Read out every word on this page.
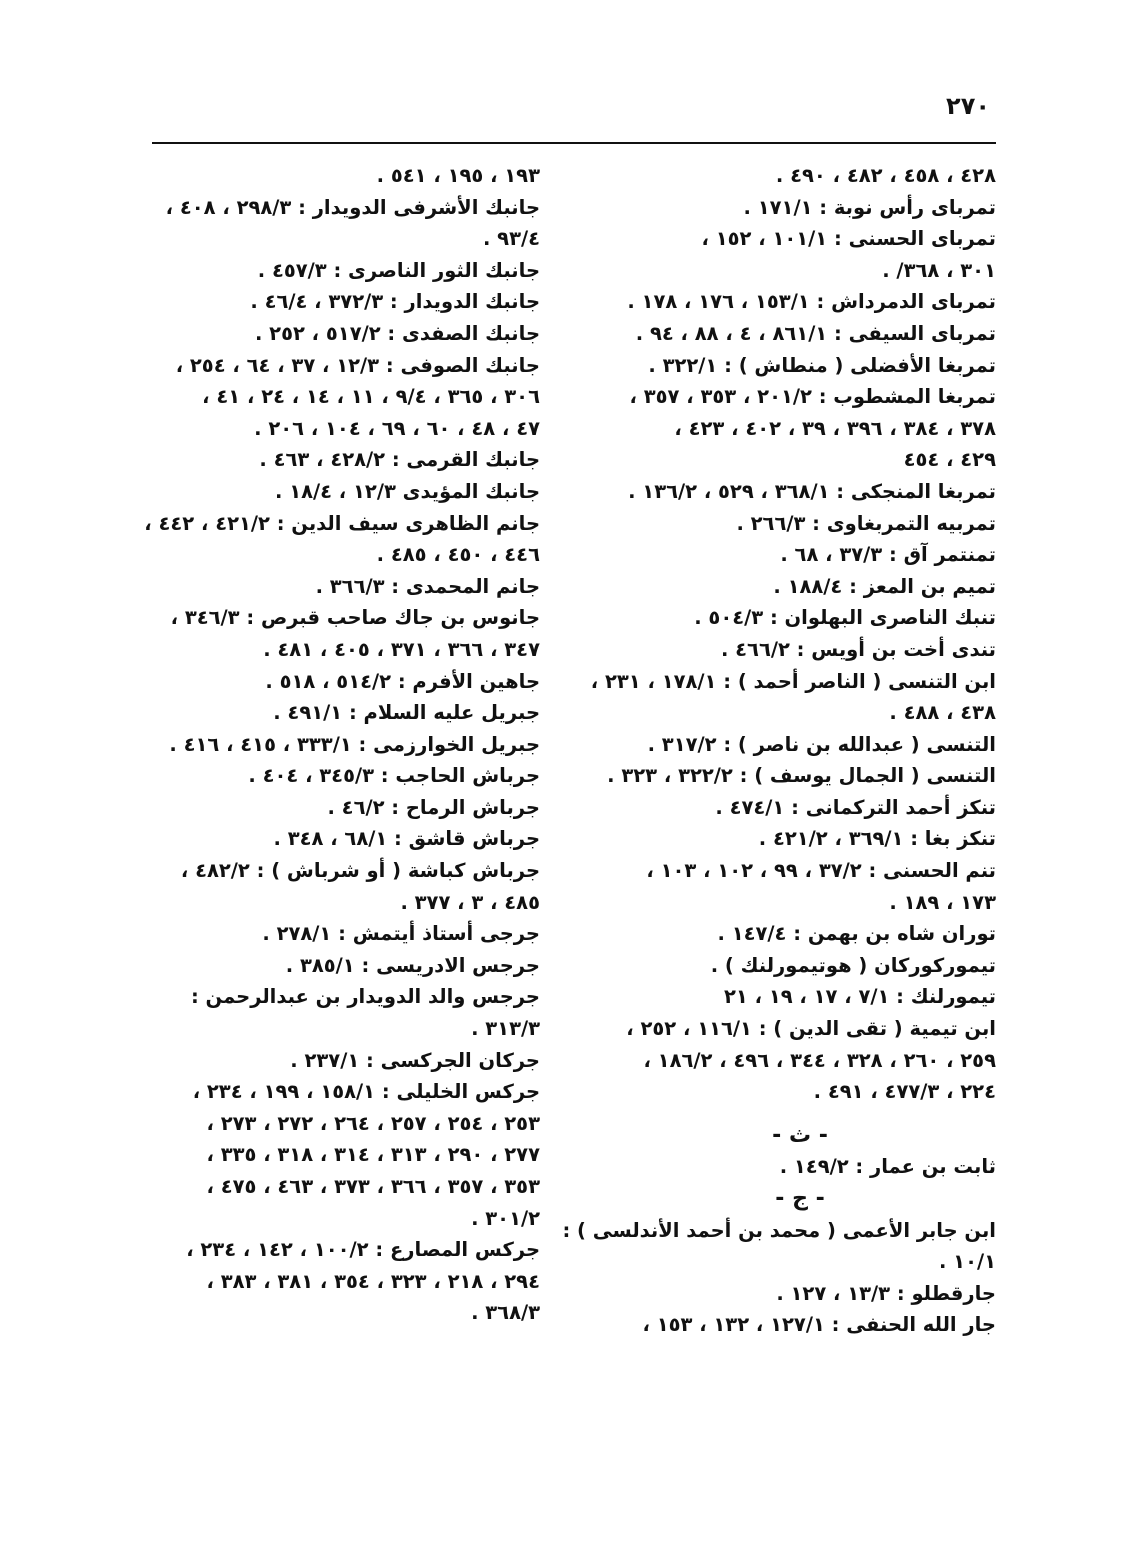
٢٧٠

٤٢٨ ، ٤٥٨ ، ٤٨٢ ، ٤٩٠ .

تمربای رأس نوبة : ١٧١/١ .

تمربای الحسنى : ١٠١/١ ، ١٥٢ ،

٣٠١ ، ٣٦٨/ .

تمربای الدمرداش : ١٥٣/١ ، ١٧٦ ، ١٧٨ .

تمربای السیفی : ٨٦١/١ ، ٤ ، ٨٨ ، ٩٤ .

تمربغا الأفضلی ( منطاش ) : ٣٢٢/١ .

تمربغا المشطوب : ٢٠١/٢ ، ٣٥٣ ، ٣٥٧ ،

٣٧٨ ، ٣٨٤ ، ٣٩٦ ، ٣٩ ، ٤٠٢ ، ٤٢٣ ،

٤٢٩ ، ٤٥٤

تمربغا المنجكی : ٣٦٨/١ ، ٥٢٩ ، ١٣٦/٢ .

تمربیه التمربغاوی : ٢٦٦/٣ .

تمنتمر آق : ٣٧/٣ ، ٦٨ .

تمیم بن المعز : ١٨٨/٤ .

تنبك الناصری البهلوان : ٥٠٤/٣ .

تندی أخت بن أویس : ٤٦٦/٢ .

ابن التنسی ( الناصر أحمد ) : ١٧٨/١ ، ٢٣١ ،

٤٣٨ ، ٤٨٨ .

التنسی ( عبدالله بن ناصر ) : ٣١٧/٢ .

التنسی ( الجمال یوسف ) : ٣٢٢/٢ ، ٣٢٣ .

تنكز أحمد التركمانی : ٤٧٤/١ .

تنكز بغا : ٣٦٩/١ ، ٤٢١/٢ .

تنم الحسنی : ٣٧/٢ ، ٩٩ ، ١٠٢ ، ١٠٣ ،

١٧٣ ، ١٨٩ .

توران شاه بن بهمن : ١٤٧/٤ .

تیمورکوركان ( هوتیمورلنك ) .

تیمورلنك : ٧/١ ، ١٧ ، ١٩ ، ٢١

ابن تیمیة ( تقی الدین ) : ١١٦/١ ، ٢٥٢ ،

٢٥٩ ، ٢٦٠ ، ٣٢٨ ، ٣٤٤ ، ٤٩٦ ، ١٨٦/٢ ،

٢٢٤ ، ٤٧٧/٣ ، ٤٩١ .

- ث -

ثابت بن عمار : ١٤٩/٢ .

- ج -

ابن جابر الأعمى ( محمد بن أحمد الأندلسی ) :

١٠/١ .

جارقطلو : ١٣/٣ ، ١٢٧ .

جار الله الحنفی : ١٢٧/١ ، ١٣٢ ، ١٥٣ ،

١٩٣ ، ١٩٥ ، ٥٤١ .

جانبك الأشرفی الدویدار : ٢٩٨/٣ ، ٤٠٨ ،

٩٣/٤ .

جانبك الثور الناصری : ٤٥٧/٣ .

جانبك الدویدار : ٣٧٢/٣ ، ٤٦/٤ .

جانبك الصفدی : ٥١٧/٢ ، ٢٥٢ .

جانبك الصوفی : ١٢/٣ ، ٣٧ ، ٦٤ ، ٢٥٤ ،

٣٠٦ ، ٣٦٥ ، ٩/٤ ، ١١ ، ١٤ ، ٢٤ ، ٤١ ،

٤٧ ، ٤٨ ، ٦٠ ، ٦٩ ، ١٠٤ ، ٢٠٦ .

جانبك القرمی : ٤٢٨/٢ ، ٤٦٣ .

جانبك المؤیدی ١٢/٣ ، ١٨/٤ .

جانم الظاهری سیف الدین : ٤٢١/٢ ، ٤٤٢ ،

٤٤٦ ، ٤٥٠ ، ٤٨٥ .

جانم المحمدی : ٣٦٦/٣ .

جانوس بن جاك صاحب قبرص : ٣٤٦/٣ ،

٣٤٧ ، ٣٦٦ ، ٣٧١ ، ٤٠٥ ، ٤٨١ .

جاهین الأفرم : ٥١٤/٢ ، ٥١٨ .

جبریل علیه السلام : ٤٩١/١ .

جبریل الخوارزمی : ٣٣٣/١ ، ٤١٥ ، ٤١٦ .

جرباش الحاجب : ٣٤٥/٣ ، ٤٠٤ .

جرباش الرماح : ٤٦/٢ .

جرباش قاشق : ٦٨/١ ، ٣٤٨ .

جرباش كباشة ( أو شرباش ) : ٤٨٢/٢ ،

٤٨٥ ، ٣ ، ٣٧٧ .

جرجی أستاذ أیتمش : ٢٧٨/١ .

جرجس الادریسی : ٣٨٥/١ .

جرجس والد الدویدار بن عبدالرحمن :

٣١٣/٣ .

جركان الجركسی : ٢٣٧/١ .

جركس الخلیلی : ١٥٨/١ ، ١٩٩ ، ٢٣٤ ،

٢٥٣ ، ٢٥٤ ، ٢٥٧ ، ٢٦٤ ، ٢٧٢ ، ٢٧٣ ،

٢٧٧ ، ٢٩٠ ، ٣١٣ ، ٣١٤ ، ٣١٨ ، ٣٣٥ ،

٣٥٣ ، ٣٥٧ ، ٣٦٦ ، ٣٧٣ ، ٤٦٣ ، ٤٧٥ ،

٣٠١/٢ .

جركس المصارع : ١٠٠/٢ ، ١٤٢ ، ٢٣٤ ،

٢٩٤ ، ٢١٨ ، ٣٢٣ ، ٣٥٤ ، ٣٨١ ، ٣٨٣ ،

٣٦٨/٣ .
